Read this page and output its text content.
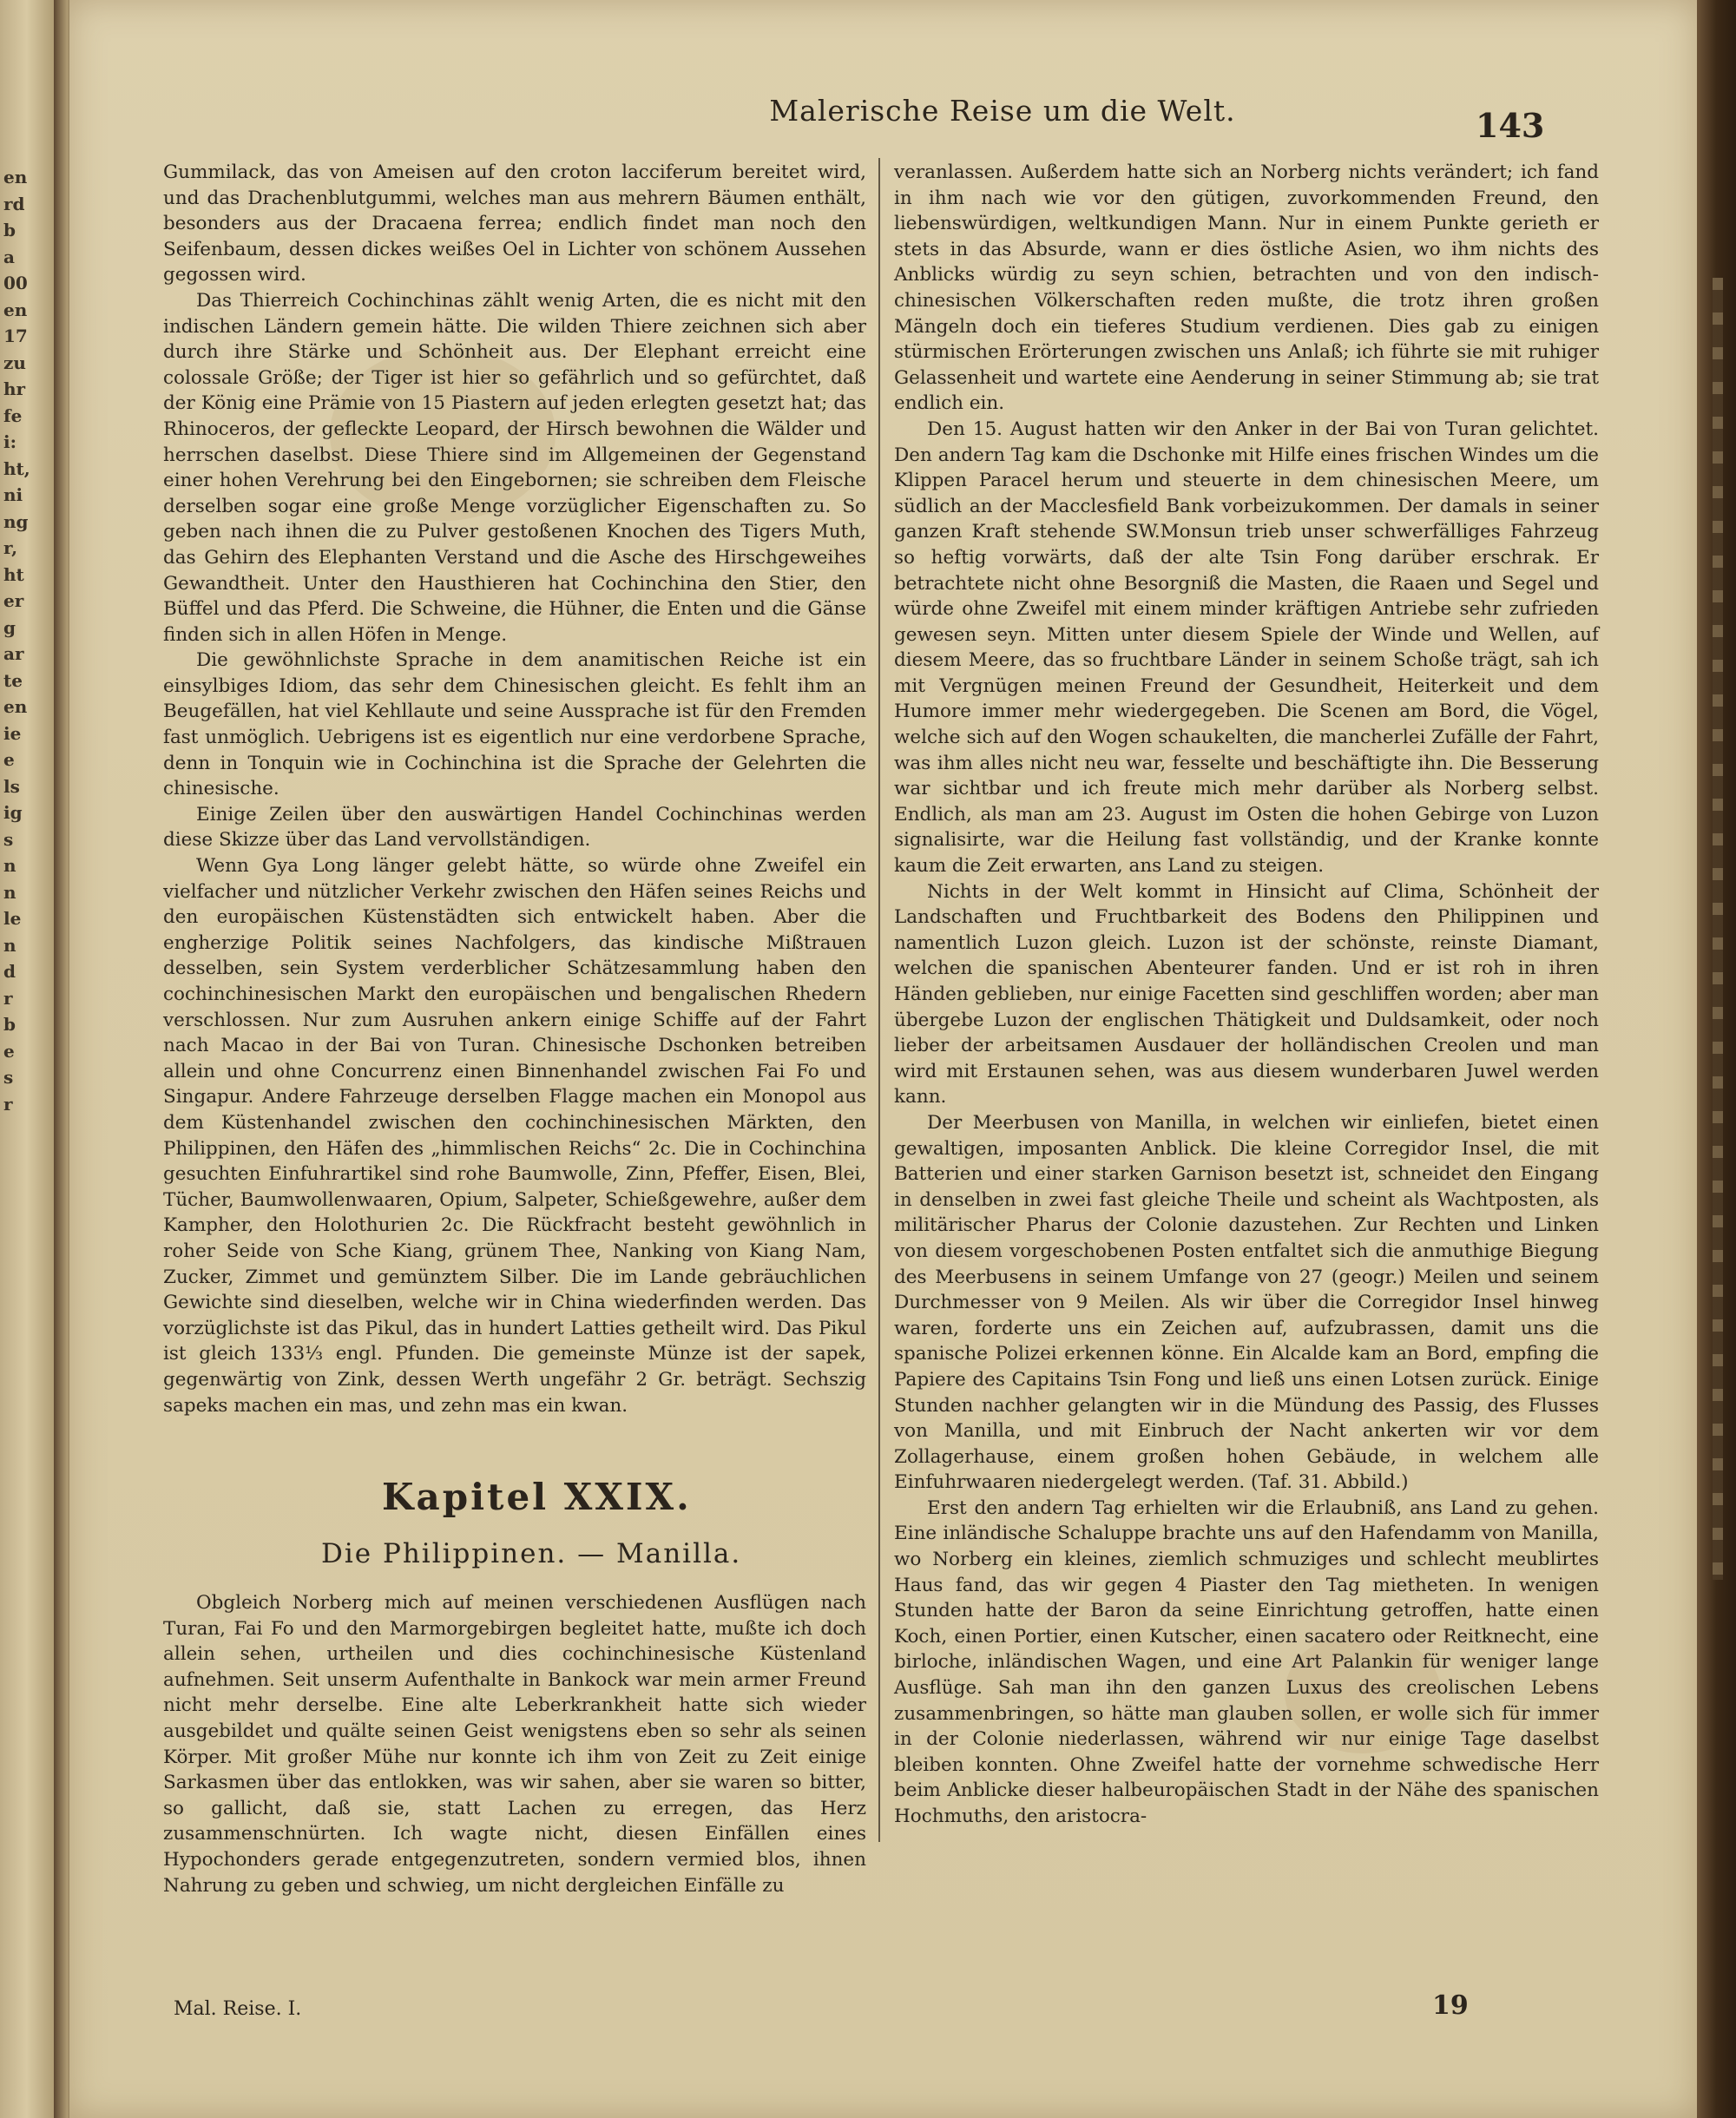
en
rd
b
a
00
en
17
zu
hr
fe
i:
ht,
ni
ng
r,
ht
er
g
ar
te
en
ie
e
ls
ig
s
n
n
le
n
d
r
b
e
s
r
Malerische Reise um die Welt.	143

Gummilack, das von Ameisen auf den croton lacciferum bereitet wird, und das Drachenblutgummi, welches man aus mehrern Bäumen enthält, besonders aus der Dracaena ferrea; endlich findet man noch den Seifenbaum, dessen dickes weißes Oel in Lichter von schönem Aussehen gegossen wird.

Das Thierreich Cochinchinas zählt wenig Arten, die es nicht mit den indischen Ländern gemein hätte. Die wilden Thiere zeichnen sich aber durch ihre Stärke und Schönheit aus. Der Elephant erreicht eine colossale Größe; der Tiger ist hier so gefährlich und so gefürchtet, daß der König eine Prämie von 15 Piastern auf jeden erlegten gesetzt hat; das Rhinoceros, der gefleckte Leopard, der Hirsch bewohnen die Wälder und herrschen daselbst. Diese Thiere sind im Allgemeinen der Gegenstand einer hohen Verehrung bei den Eingebornen; sie schreiben dem Fleische derselben sogar eine große Menge vorzüglicher Eigenschaften zu. So geben nach ihnen die zu Pulver gestoßenen Knochen des Tigers Muth, das Gehirn des Elephanten Verstand und die Asche des Hirschgeweihes Gewandtheit. Unter den Hausthieren hat Cochinchina den Stier, den Büffel und das Pferd. Die Schweine, die Hühner, die Enten und die Gänse finden sich in allen Höfen in Menge.

Die gewöhnlichste Sprache in dem anamitischen Reiche ist ein einsylbiges Idiom, das sehr dem Chinesischen gleicht. Es fehlt ihm an Beugefällen, hat viel Kehllaute und seine Aussprache ist für den Fremden fast unmöglich. Uebrigens ist es eigentlich nur eine verdorbene Sprache, denn in Tonquin wie in Cochinchina ist die Sprache der Gelehrten die chinesische.

Einige Zeilen über den auswärtigen Handel Cochinchinas werden diese Skizze über das Land vervollständigen.

Wenn Gya Long länger gelebt hätte, so würde ohne Zweifel ein vielfacher und nützlicher Verkehr zwischen den Häfen seines Reichs und den europäischen Küstenstädten sich entwickelt haben. Aber die engherzige Politik seines Nachfolgers, das kindische Mißtrauen desselben, sein System verderblicher Schätzesammlung haben den cochinchinesischen Markt den europäischen und bengalischen Rhedern verschlossen. Nur zum Ausruhen ankern einige Schiffe auf der Fahrt nach Macao in der Bai von Turan. Chinesische Dschonken betreiben allein und ohne Concurrenz einen Binnenhandel zwischen Fai Fo und Singapur. Andere Fahrzeuge derselben Flagge machen ein Monopol aus dem Küstenhandel zwischen den cochinchinesischen Märkten, den Philippinen, den Häfen des „himmlischen Reichs“ 2c. Die in Cochinchina gesuchten Einfuhrartikel sind rohe Baumwolle, Zinn, Pfeffer, Eisen, Blei, Tücher, Baumwollenwaaren, Opium, Salpeter, Schießgewehre, außer dem Kampher, den Holothurien 2c. Die Rückfracht besteht gewöhnlich in roher Seide von Sche Kiang, grünem Thee, Nanking von Kiang Nam, Zucker, Zimmet und gemünztem Silber. Die im Lande gebräuchlichen Gewichte sind dieselben, welche wir in China wiederfinden werden. Das vorzüglichste ist das Pikul, das in hundert Latties getheilt wird. Das Pikul ist gleich 133⅓ engl. Pfunden. Die gemeinste Münze ist der sapek, gegenwärtig von Zink, dessen Werth ungefähr 2 Gr. beträgt. Sechszig sapeks machen ein mas, und zehn mas ein kwan.

Kapitel XXIX.
Die Philippinen. — Manilla.

Obgleich Norberg mich auf meinen verschiedenen Ausflügen nach Turan, Fai Fo und den Marmorgebirgen begleitet hatte, mußte ich doch allein sehen, urtheilen und dies cochinchinesische Küstenland aufnehmen. Seit unserm Aufenthalte in Bankock war mein armer Freund nicht mehr derselbe. Eine alte Leberkrankheit hatte sich wieder ausgebildet und quälte seinen Geist wenigstens eben so sehr als seinen Körper. Mit großer Mühe nur konnte ich ihm von Zeit zu Zeit einige Sarkasmen über das entlokken, was wir sahen, aber sie waren so bitter, so gallicht, daß sie, statt Lachen zu erregen, das Herz zusammenschnürten. Ich wagte nicht, diesen Einfällen eines Hypochonders gerade entgegenzutreten, sondern vermied blos, ihnen Nahrung zu geben und schwieg, um nicht dergleichen Einfälle zu

Mal. Reise. I.

veranlassen. Außerdem hatte sich an Norberg nichts verändert; ich fand in ihm nach wie vor den gütigen, zuvorkommenden Freund, den liebenswürdigen, weltkundigen Mann. Nur in einem Punkte gerieth er stets in das Absurde, wann er dies östliche Asien, wo ihm nichts des Anblicks würdig zu seyn schien, betrachten und von den indisch-chinesischen Völkerschaften reden mußte, die trotz ihren großen Mängeln doch ein tieferes Studium verdienen. Dies gab zu einigen stürmischen Erörterungen zwischen uns Anlaß; ich führte sie mit ruhiger Gelassenheit und wartete eine Aenderung in seiner Stimmung ab; sie trat endlich ein.

Den 15. August hatten wir den Anker in der Bai von Turan gelichtet. Den andern Tag kam die Dschonke mit Hilfe eines frischen Windes um die Klippen Paracel herum und steuerte in dem chinesischen Meere, um südlich an der Macclesfield Bank vorbeizukommen. Der damals in seiner ganzen Kraft stehende SW.Monsun trieb unser schwerfälliges Fahrzeug so heftig vorwärts, daß der alte Tsin Fong darüber erschrak. Er betrachtete nicht ohne Besorgniß die Masten, die Raaen und Segel und würde ohne Zweifel mit einem minder kräftigen Antriebe sehr zufrieden gewesen seyn. Mitten unter diesem Spiele der Winde und Wellen, auf diesem Meere, das so fruchtbare Länder in seinem Schoße trägt, sah ich mit Vergnügen meinen Freund der Gesundheit, Heiterkeit und dem Humore immer mehr wiedergegeben. Die Scenen am Bord, die Vögel, welche sich auf den Wogen schaukelten, die mancherlei Zufälle der Fahrt, was ihm alles nicht neu war, fesselte und beschäftigte ihn. Die Besserung war sichtbar und ich freute mich mehr darüber als Norberg selbst. Endlich, als man am 23. August im Osten die hohen Gebirge von Luzon signalisirte, war die Heilung fast vollständig, und der Kranke konnte kaum die Zeit erwarten, ans Land zu steigen.

Nichts in der Welt kommt in Hinsicht auf Clima, Schönheit der Landschaften und Fruchtbarkeit des Bodens den Philippinen und namentlich Luzon gleich. Luzon ist der schönste, reinste Diamant, welchen die spanischen Abenteurer fanden. Und er ist roh in ihren Händen geblieben, nur einige Facetten sind geschliffen worden; aber man übergebe Luzon der englischen Thätigkeit und Duldsamkeit, oder noch lieber der arbeitsamen Ausdauer der holländischen Creolen und man wird mit Erstaunen sehen, was aus diesem wunderbaren Juwel werden kann.

Der Meerbusen von Manilla, in welchen wir einliefen, bietet einen gewaltigen, imposanten Anblick. Die kleine Corregidor Insel, die mit Batterien und einer starken Garnison besetzt ist, schneidet den Eingang in denselben in zwei fast gleiche Theile und scheint als Wachtposten, als militärischer Pharus der Colonie dazustehen. Zur Rechten und Linken von diesem vorgeschobenen Posten entfaltet sich die anmuthige Biegung des Meerbusens in seinem Umfange von 27 (geogr.) Meilen und seinem Durchmesser von 9 Meilen. Als wir über die Corregidor Insel hinweg waren, forderte uns ein Zeichen auf, aufzubrassen, damit uns die spanische Polizei erkennen könne. Ein Alcalde kam an Bord, empfing die Papiere des Capitains Tsin Fong und ließ uns einen Lotsen zurück. Einige Stunden nachher gelangten wir in die Mündung des Passig, des Flusses von Manilla, und mit Einbruch der Nacht ankerten wir vor dem Zollagerhause, einem großen hohen Gebäude, in welchem alle Einfuhrwaaren niedergelegt werden. (Taf. 31. Abbild.)

Erst den andern Tag erhielten wir die Erlaubniß, ans Land zu gehen. Eine inländische Schaluppe brachte uns auf den Hafendamm von Manilla, wo Norberg ein kleines, ziemlich schmuziges und schlecht meublirtes Haus fand, das wir gegen 4 Piaster den Tag mietheten. In wenigen Stunden hatte der Baron da seine Einrichtung getroffen, hatte einen Koch, einen Portier, einen Kutscher, einen sacatero oder Reitknecht, eine birloche, inländischen Wagen, und eine Art Palankin für weniger lange Ausflüge. Sah man ihn den ganzen Luxus des creolischen Lebens zusammenbringen, so hätte man glauben sollen, er wolle sich für immer in der Colonie niederlassen, während wir nur einige Tage daselbst bleiben konnten. Ohne Zweifel hatte der vornehme schwedische Herr beim Anblicke dieser halbeuropäischen Stadt in der Nähe des spanischen Hochmuths, den aristocra-

19
